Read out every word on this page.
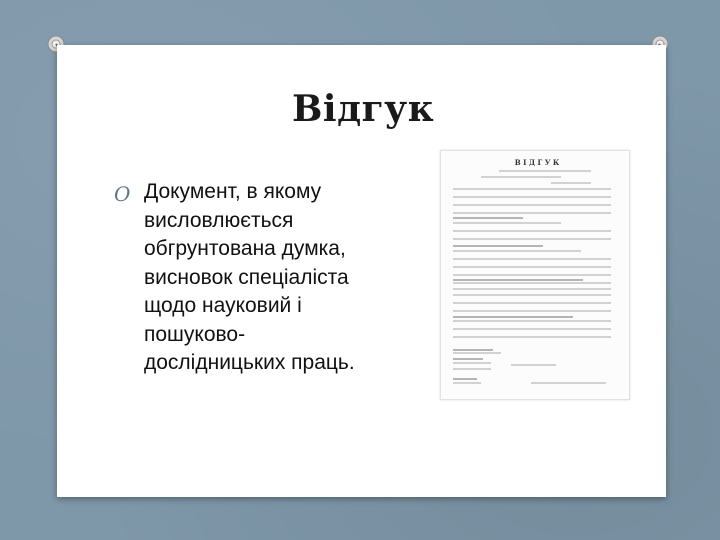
Відгук
O Документ, в якому
висловлюється
обгрунтована думка,
висновок спеціаліста
щодо науковий і
пошуково-
дослідницьких праць.
В І Д Г У К
